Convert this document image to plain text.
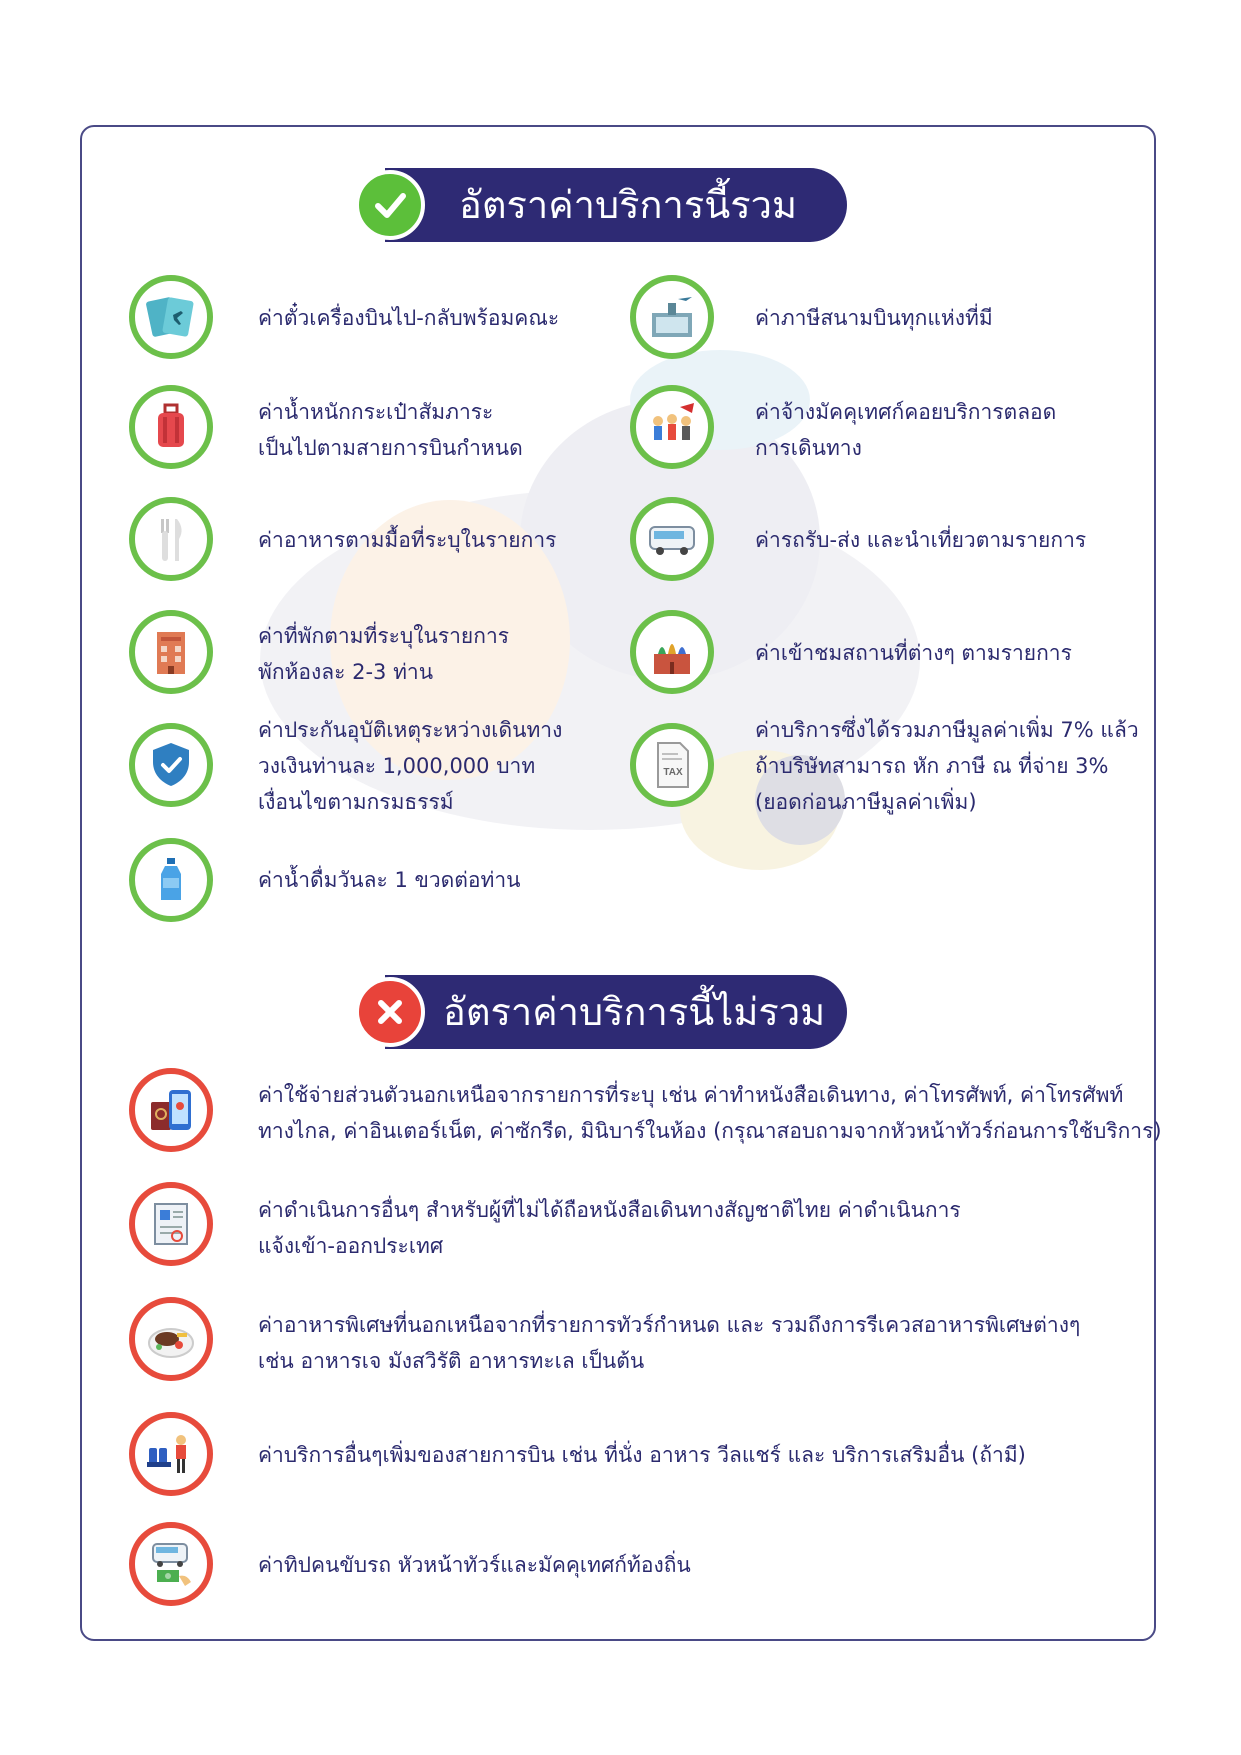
อัตราค่าบริการนี้รวม
ค่าตั๋วเครื่องบินไป-กลับพร้อมคณะ	ค่าภาษีสนามบินทุกแห่งที่มี
ค่าน้ำหนักกระเป๋าสัมภาระ
เป็นไปตามสายการบินกำหนด
ค่าจ้างมัคคุเทศก์คอยบริการตลอด
การเดินทาง
ค่าอาหารตามมื้อที่ระบุในรายการ	ค่ารถรับ-ส่ง และนำเที่ยวตามรายการ
ค่าที่พักตามที่ระบุในรายการ
พักห้องละ 2-3 ท่าน
ค่าเข้าชมสถานที่ต่างๆ ตามรายการ
ค่าประกันอุบัติเหตุระหว่างเดินทาง
วงเงินท่านละ 1,000,000 บาท
เงื่อนไขตามกรมธรรม์
TAX
ค่าบริการซึ่งได้รวมภาษีมูลค่าเพิ่ม 7% แล้ว
ถ้าบริษัทสามารถ หัก ภาษี ณ ที่จ่าย 3%
(ยอดก่อนภาษีมูลค่าเพิ่ม)
ค่าน้ำดื่มวันละ 1 ขวดต่อท่าน
อัตราค่าบริการนี้ไม่รวม
ค่าใช้จ่ายส่วนตัวนอกเหนือจากรายการที่ระบุ เช่น ค่าทำหนังสือเดินทาง, ค่าโทรศัพท์, ค่าโทรศัพท์
ทางไกล, ค่าอินเตอร์เน็ต, ค่าซักรีด, มินิบาร์ในห้อง (กรุณาสอบถามจากหัวหน้าทัวร์ก่อนการใช้บริการ)
ค่าดำเนินการอื่นๆ สำหรับผู้ที่ไม่ได้ถือหนังสือเดินทางสัญชาติไทย ค่าดำเนินการ
แจ้งเข้า-ออกประเทศ
ค่าอาหารพิเศษที่นอกเหนือจากที่รายการทัวร์กำหนด และ รวมถึงการรีเควสอาหารพิเศษต่างๆ
เช่น อาหารเจ มังสวิรัติ อาหารทะเล เป็นต้น
ค่าบริการอื่นๆเพิ่มของสายการบิน เช่น ที่นั่ง อาหาร วีลแชร์ และ บริการเสริมอื่น (ถ้ามี)
ค่าทิปคนขับรถ หัวหน้าทัวร์และมัคคุเทศก์ท้องถิ่น
